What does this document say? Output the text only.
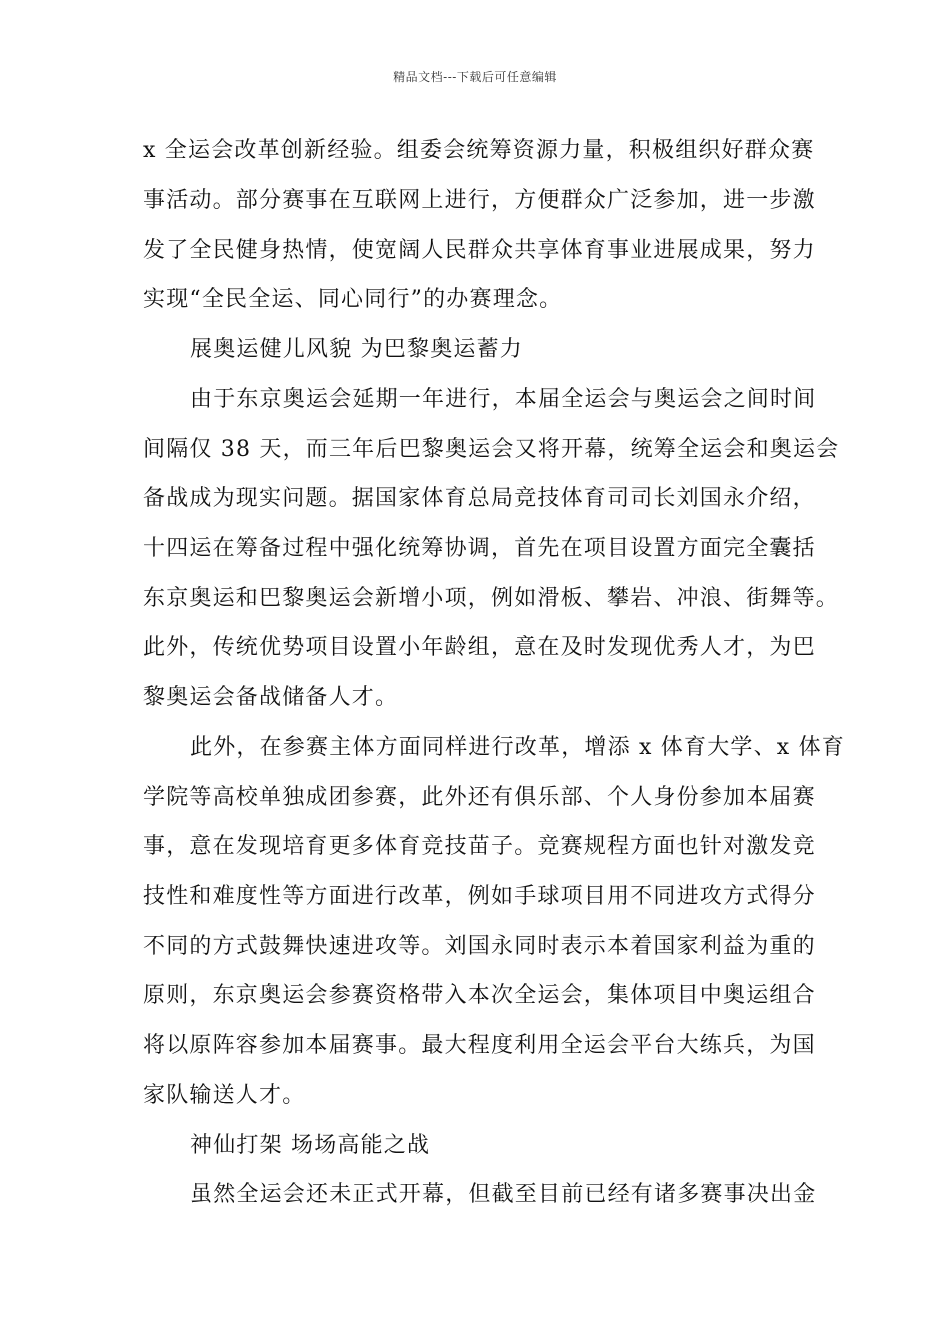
精品文档---下载后可任意编辑
x 全运会改革创新经验。组委会统筹资源力量，积极组织好群众赛
事活动。部分赛事在互联网上进行，方便群众广泛参加，进一步激
发了全民健身热情，使宽阔人民群众共享体育事业进展成果，努力
实现“全民全运、同心同行”的办赛理念。
展奥运健儿风貌 为巴黎奥运蓄力
由于东京奥运会延期一年进行，本届全运会与奥运会之间时间
间隔仅 38 天，而三年后巴黎奥运会又将开幕，统筹全运会和奥运会
备战成为现实问题。据国家体育总局竞技体育司司长刘国永介绍，
十四运在筹备过程中强化统筹协调，首先在项目设置方面完全囊括
东京奥运和巴黎奥运会新增小项，例如滑板、攀岩、冲浪、街舞等。
此外，传统优势项目设置小年龄组，意在及时发现优秀人才，为巴
黎奥运会备战储备人才。
此外，在参赛主体方面同样进行改革，增添 x 体育大学、x 体育
学院等高校单独成团参赛，此外还有俱乐部、个人身份参加本届赛
事，意在发现培育更多体育竞技苗子。竞赛规程方面也针对激发竞
技性和难度性等方面进行改革，例如手球项目用不同进攻方式得分
不同的方式鼓舞快速进攻等。刘国永同时表示本着国家利益为重的
原则，东京奥运会参赛资格带入本次全运会，集体项目中奥运组合
将以原阵容参加本届赛事。最大程度利用全运会平台大练兵，为国
家队输送人才。
神仙打架 场场高能之战
虽然全运会还未正式开幕，但截至目前已经有诸多赛事决出金
